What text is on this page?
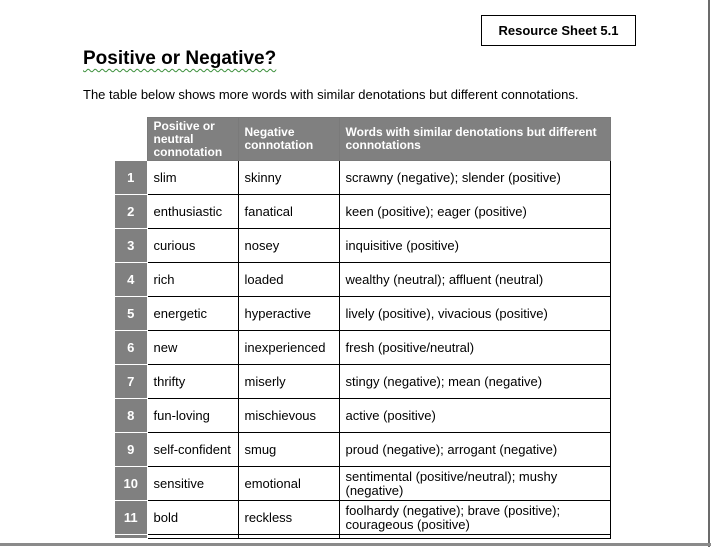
Resource Sheet 5.1
Positive or Negative?
The table below shows more words with similar denotations but different connotations.
	Positive or neutral connotation	Negative connotation	Words with similar denotations but different connotations
1	slim	skinny	scrawny (negative); slender (positive)
2	enthusiastic	fanatical	keen (positive); eager (positive)
3	curious	nosey	inquisitive (positive)
4	rich	loaded	wealthy (neutral); affluent (neutral)
5	energetic	hyperactive	lively (positive), vivacious (positive)
6	new	inexperienced	fresh (positive/neutral)
7	thrifty	miserly	stingy (negative); mean (negative)
8	fun-loving	mischievous	active (positive)
9	self-confident	smug	proud (negative); arrogant (negative)
10	sensitive	emotional	sentimental (positive/neutral); mushy (negative)
11	bold	reckless	foolhardy (negative); brave (positive); courageous (positive)
